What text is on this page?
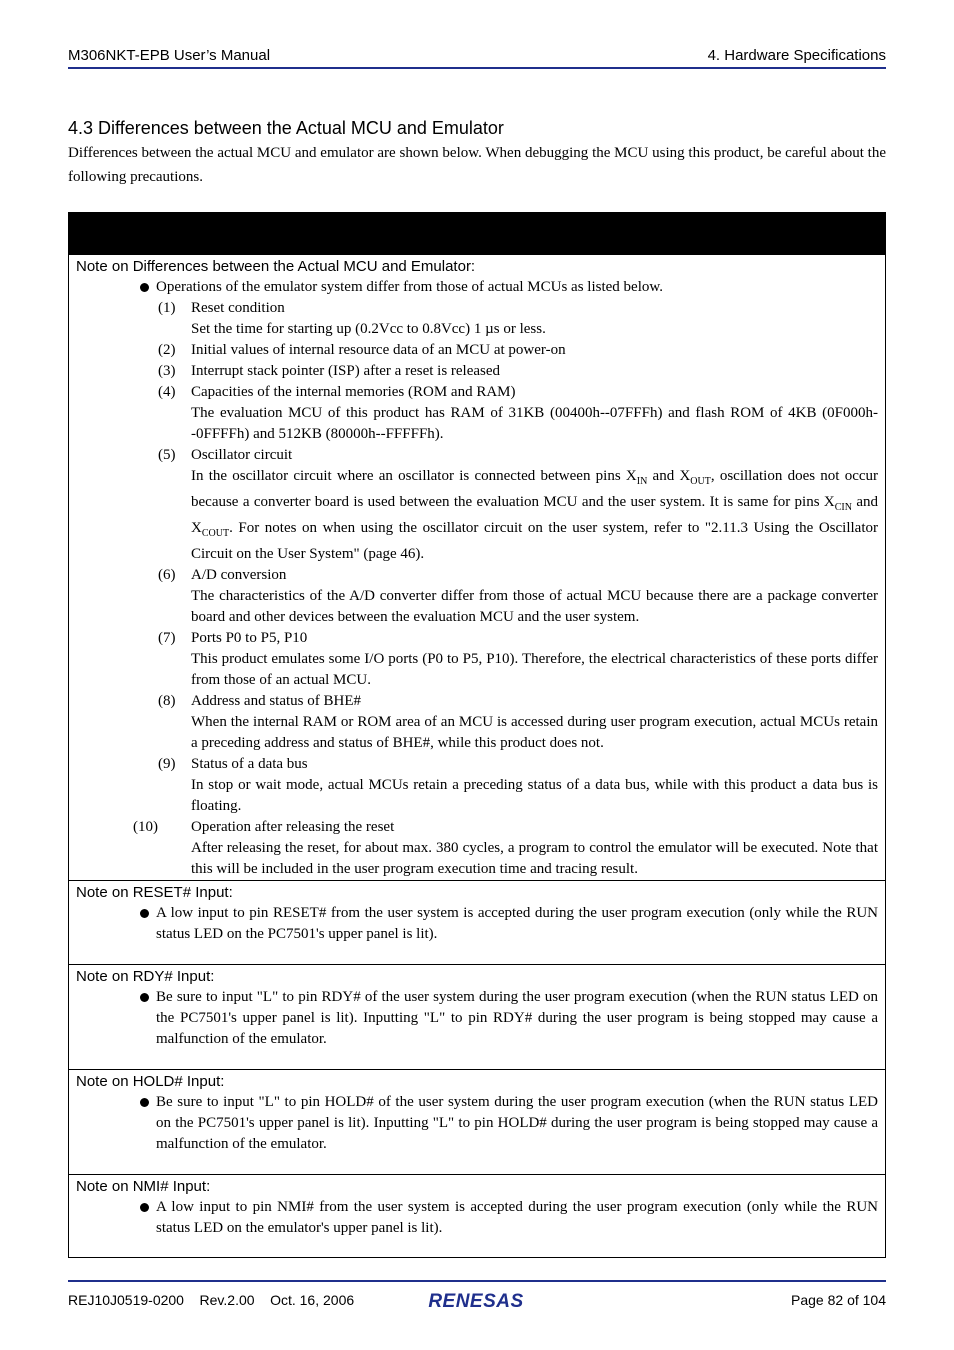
M306NKT-EPB User’s Manual	4. Hardware Specifications
4.3 Differences between the Actual MCU and Emulator
Differences between the actual MCU and emulator are shown below. When debugging the MCU using this product, be careful about the following precautions.
Note on Differences between the Actual MCU and Emulator:
Operations of the emulator system differ from those of actual MCUs as listed below.
(1) Reset condition
Set the time for starting up (0.2Vcc to 0.8Vcc) 1 µs or less.
(2) Initial values of internal resource data of an MCU at power-on
(3) Interrupt stack pointer (ISP) after a reset is released
(4) Capacities of the internal memories (ROM and RAM)
The evaluation MCU of this product has RAM of 31KB (00400h--07FFFh) and flash ROM of 4KB (0F000h--0FFFFh) and 512KB (80000h--FFFFFh).
(5) Oscillator circuit
In the oscillator circuit where an oscillator is connected between pins $X_{IN}$ and $X_{OUT}$, oscillation does not occur because a converter board is used between the evaluation MCU and the user system. It is same for pins $X_{CIN}$ and $X_{COUT}$. For notes on when using the oscillator circuit on the user system, refer to "2.11.3 Using the Oscillator Circuit on the User System" (page 46).
(6) A/D conversion
The characteristics of the A/D converter differ from those of actual MCU because there are a package converter board and other devices between the evaluation MCU and the user system.
(7) Ports P0 to P5, P10
This product emulates some I/O ports (P0 to P5, P10). Therefore, the electrical characteristics of these ports differ from those of an actual MCU.
(8) Address and status of BHE#
When the internal RAM or ROM area of an MCU is accessed during user program execution, actual MCUs retain a preceding address and status of BHE#, while this product does not.
(9) Status of a data bus
In stop or wait mode, actual MCUs retain a preceding status of a data bus, while with this product a data bus is floating.
(10) Operation after releasing the reset
After releasing the reset, for about max. 380 cycles, a program to control the emulator will be executed. Note that this will be included in the user program execution time and tracing result.
Note on RESET# Input:
A low input to pin RESET# from the user system is accepted during the user program execution (only while the RUN status LED on the PC7501's upper panel is lit).
Note on RDY# Input:
Be sure to input "L" to pin RDY# of the user system during the user program execution (when the RUN status LED on the PC7501's upper panel is lit). Inputting "L" to pin RDY# during the user program is being stopped may cause a malfunction of the emulator.
Note on HOLD# Input:
Be sure to input "L" to pin HOLD# of the user system during the user program execution (when the RUN status LED on the PC7501's upper panel is lit). Inputting "L" to pin HOLD# during the user program is being stopped may cause a malfunction of the emulator.
Note on NMI# Input:
A low input to pin NMI# from the user system is accepted during the user program execution (only while the RUN status LED on the emulator's upper panel is lit).
REJ10J0519-0200    Rev.2.00    Oct. 16, 2006	RENESAS	Page 82 of 104
